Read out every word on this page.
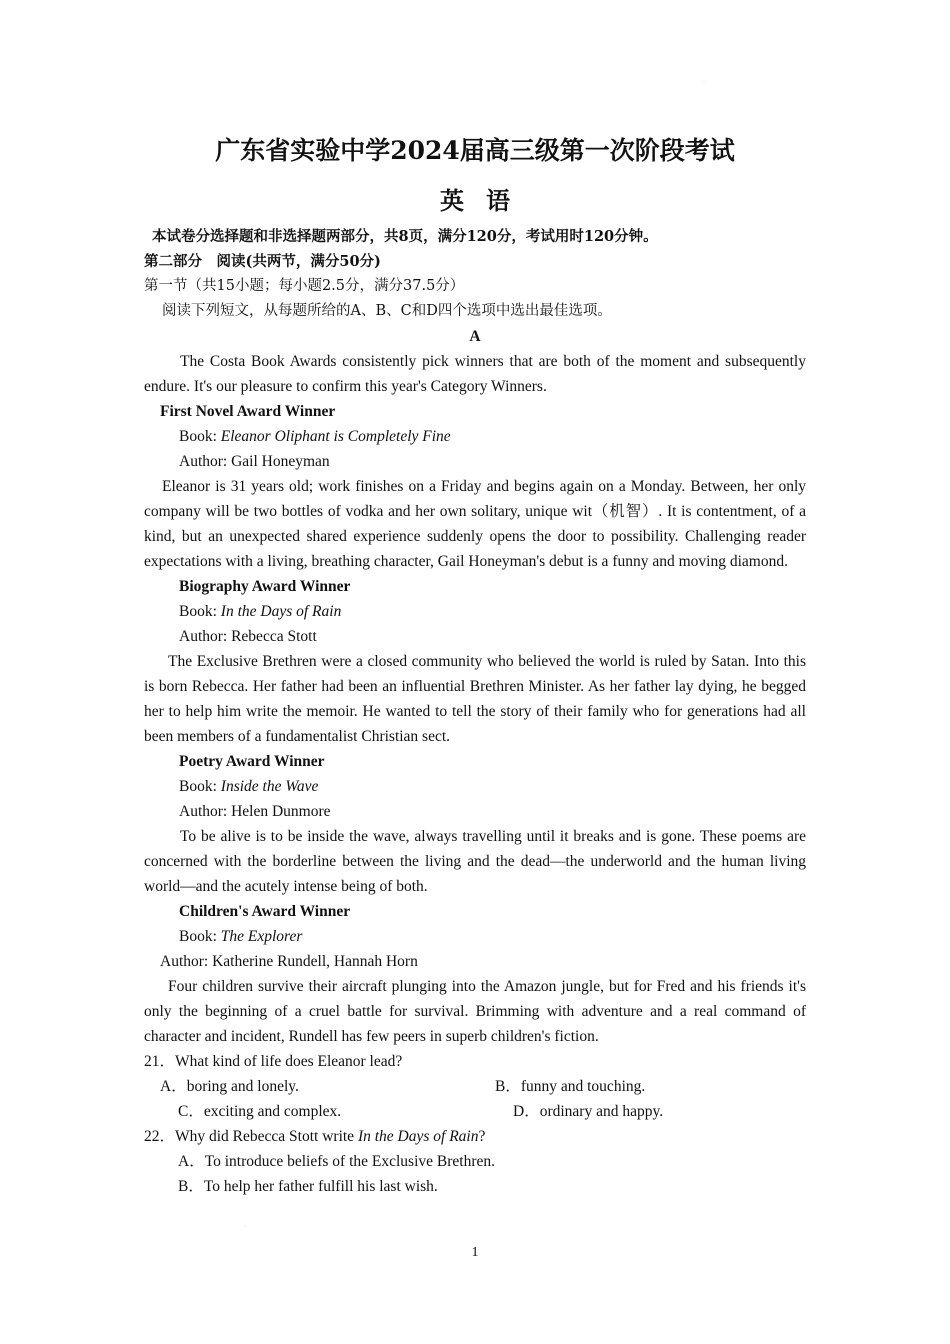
·
广东省实验中学2024届高三级第一次阶段考试
英语

本试卷分选择题和非选择题两部分，共8页，满分120分，考试用时120分钟。

第二部分　阅读(共两节，满分50分)

第一节（共15小题；每小题2.5分，满分37.5分）

阅读下列短文，从每题所给的A、B、C和D四个选项中选出最佳选项。

A

The Costa Book Awards consistently pick winners that are both of the moment and subsequently endure. It's our pleasure to confirm this year's Category Winners.

First Novel Award Winner

Book: Eleanor Oliphant is Completely Fine

Author: Gail Honeyman

Eleanor is 31 years old; work finishes on a Friday and begins again on a Monday. Between, her only company will be two bottles of vodka and her own solitary, unique wit（机智）. It is contentment, of a kind, but an unexpected shared experience suddenly opens the door to possibility. Challenging reader expectations with a living, breathing character, Gail Honeyman's debut is a funny and moving diamond.

Biography Award Winner

Book: In the Days of Rain

Author: Rebecca Stott

The Exclusive Brethren were a closed community who believed the world is ruled by Satan. Into this is born Rebecca. Her father had been an influential Brethren Minister. As her father lay dying, he begged her to help him write the memoir. He wanted to tell the story of their family who for generations had all been members of a fundamentalist Christian sect.

Poetry Award Winner

Book: Inside the Wave

Author: Helen Dunmore

To be alive is to be inside the wave, always travelling until it breaks and is gone. These poems are concerned with the borderline between the living and the dead—the underworld and the human living world—and the acutely intense being of both.

Children's Award Winner

Book: The Explorer

Author: Katherine Rundell, Hannah Horn

Four children survive their aircraft plunging into the Amazon jungle, but for Fred and his friends it's only the beginning of a cruel battle for survival. Brimming with adventure and a real command of character and incident, Rundell has few peers in superb children's fiction.

21．What kind of life does Eleanor lead?

A．boring and lonely.	B．funny and touching.
C．exciting and complex.	D．ordinary and happy.

22．Why did Rebecca Stott write In the Days of Rain?

A．To introduce beliefs of the Exclusive Brethren.

B．To help her father fulfill his last wish.

·
1
